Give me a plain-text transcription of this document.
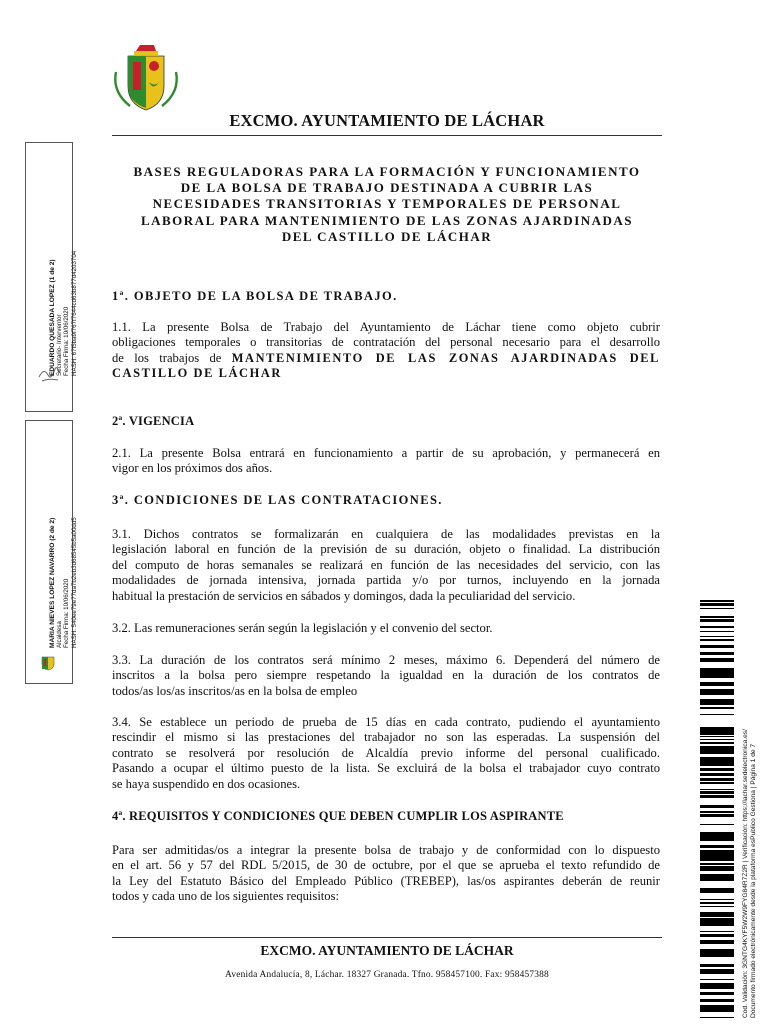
EXCMO. AYUNTAMIENTO DE LÁCHAR
BASES REGULADORAS PARA LA FORMACIÓN Y FUNCIONAMIENTO
DE LA BOLSA DE TRABAJO DESTINADA A CUBRIR LAS
NECESIDADES TRANSITORIAS Y TEMPORALES DE PERSONAL
LABORAL PARA MANTENIMIENTO DE LAS ZONAS AJARDINADAS
DEL CASTILLO DE LÁCHAR
1ª. OBJETO DE LA BOLSA DE TRABAJO.
1.1. La presente Bolsa de Trabajo del Ayuntamiento de Láchar tiene como objeto cubrir
obligaciones temporales o transitorias de contratación del personal necesario para el desarrollo
de los trabajos de MANTENIMIENTO DE LAS ZONAS AJARDINADAS DEL
CASTILLO DE LÁCHAR
2ª. VIGENCIA
2.1. La presente Bolsa entrará en funcionamiento a partir de su aprobación, y permanecerá en
vigor en los próximos dos años.
3ª. CONDICIONES DE LAS CONTRATACIONES.
3.1. Dichos contratos se formalizarán en cualquiera de las modalidades previstas en la
legislación laboral en función de la previsión de su duración, objeto o finalidad. La distribución
del computo de horas semanales se realizará en función de las necesidades del servicio, con las
modalidades de jornada intensiva, jornada partida y/o por turnos, incluyendo en la jornada
habitual la prestación de servicios en sábados y domingos, dada la peculiaridad del servicio.
3.2. Las remuneraciones serán según la legislación y el convenio del sector.
3.3. La duración de los contratos será mínimo 2 meses, máximo 6. Dependerá del número de
inscritos a la bolsa pero siempre respetando la igualdad en la duración de los contratos de
todos/as los/as inscritos/as en la bolsa de empleo
3.4. Se establece un periodo de prueba de 15 días en cada contrato, pudiendo el ayuntamiento
rescindir el mismo si las prestaciones del trabajador no son las esperadas. La suspensión del
contrato se resolverá por resolución de Alcaldía previo informe del personal cualificado.
Pasando a ocupar el último puesto de la lista. Se excluirá de la bolsa el trabajador cuyo contrato
se haya suspendido en dos ocasiones.
4ª. REQUISITOS Y CONDICIONES QUE DEBEN CUMPLIR LOS ASPIRANTE
Para ser admitidas/os a integrar la presente bolsa de trabajo y de conformidad con lo dispuesto
en el art. 56 y 57 del RDL 5/2015, de 30 de octubre, por el que se aprueba el texto refundido de
la Ley del Estatuto Básico del Empleado Público (TREBEP), las/os aspirantes deberán de reunir
todos y cada uno de los siguientes requisitos:
EXCMO. AYUNTAMIENTO DE LÁCHAR
Avenida Andalucía, 8, Láchar. 18327 Granada. Tfno. 958457100. Fax: 958457388
EDUARDO QUESADA LOPEZ (1 de 2) Secretario- Interventor Fecha Firma: 10/06/2020 HASH: 67f5ba9f767f7644cd63b877d4203704
MARIA NIEVES LOPEZ NAVARRO (2 de 2) Alcaldesa Fecha Firma: 10/06/2020 HASH: 540ee79e77da7b2eb3d68545b5a00dd5
Cod. Validación: 3GNTG4KYF5W2W9FYG84R7Z2R | Verificación: https://lachar.sedelectronica.es/ Documento firmado electrónicamente desde la plataforma esPublico Gestiona | Página 1 de 7
